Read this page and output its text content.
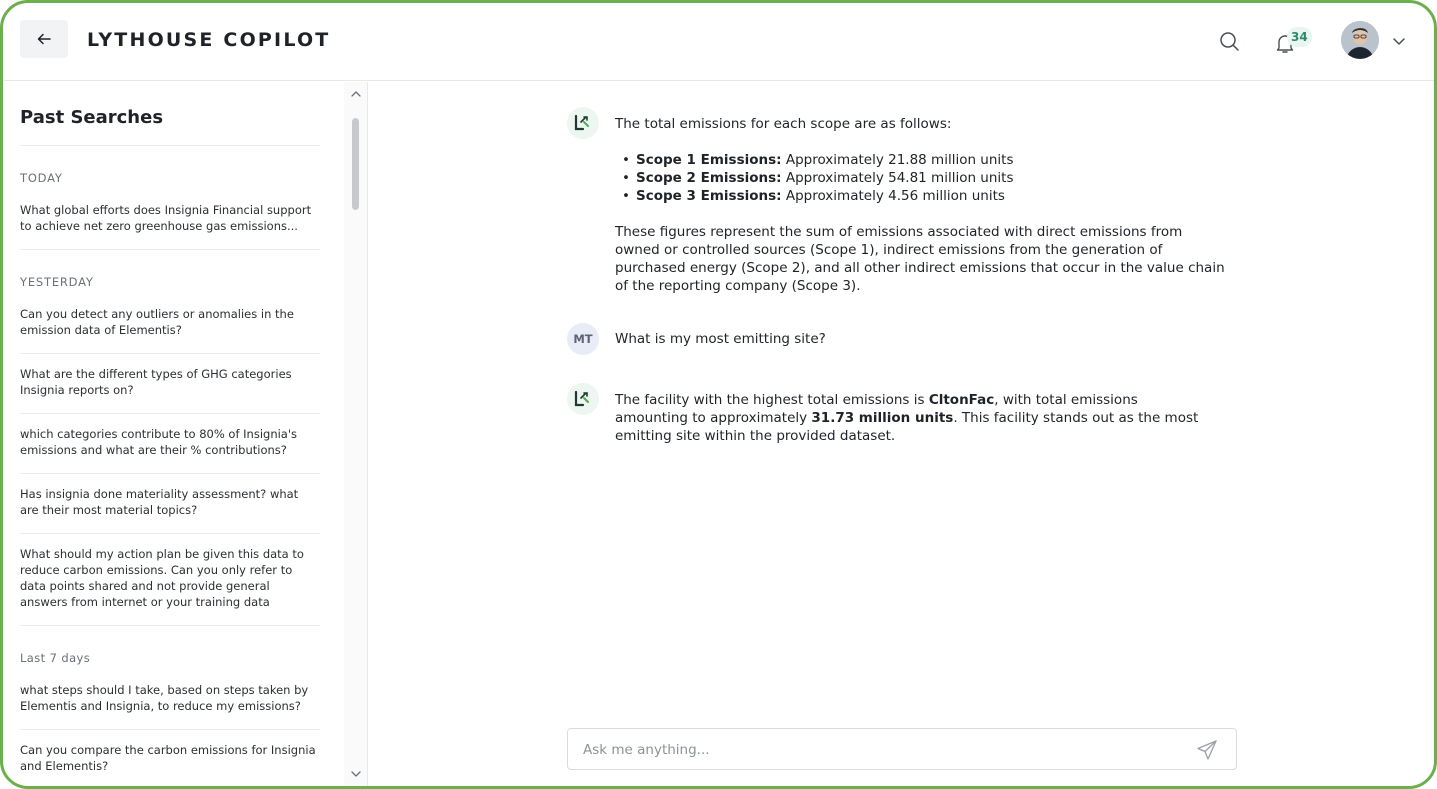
LYTHOUSE COPILOT	34
Past Searches
TODAY
What global efforts does Insignia Financial support to achieve net zero greenhouse gas emissions...
YESTERDAY
Can you detect any outliers or anomalies in the emission data of Elementis?
What are the different types of GHG categories Insignia reports on?
which categories contribute to 80% of Insignia's emissions and what are their % contributions?
Has insignia done materiality assessment? what are their most material topics?
What should my action plan be given this data to reduce carbon emissions. Can you only refer to data points shared and not provide general answers from internet or your training data
Last 7 days
what steps should I take, based on steps taken by Elementis and Insignia, to reduce my emissions?
Can you compare the carbon emissions for Insignia and Elementis?
The total emissions for each scope are as follows:
• Scope 1 Emissions: Approximately 21.88 million units
• Scope 2 Emissions: Approximately 54.81 million units
• Scope 3 Emissions: Approximately 4.56 million units
These figures represent the sum of emissions associated with direct emissions from owned or controlled sources (Scope 1), indirect emissions from the generation of purchased energy (Scope 2), and all other indirect emissions that occur in the value chain of the reporting company (Scope 3).
MT	What is my most emitting site?
The facility with the highest total emissions is CltonFac, with total emissions amounting to approximately 31.73 million units. This facility stands out as the most emitting site within the provided dataset.
Ask me anything...
